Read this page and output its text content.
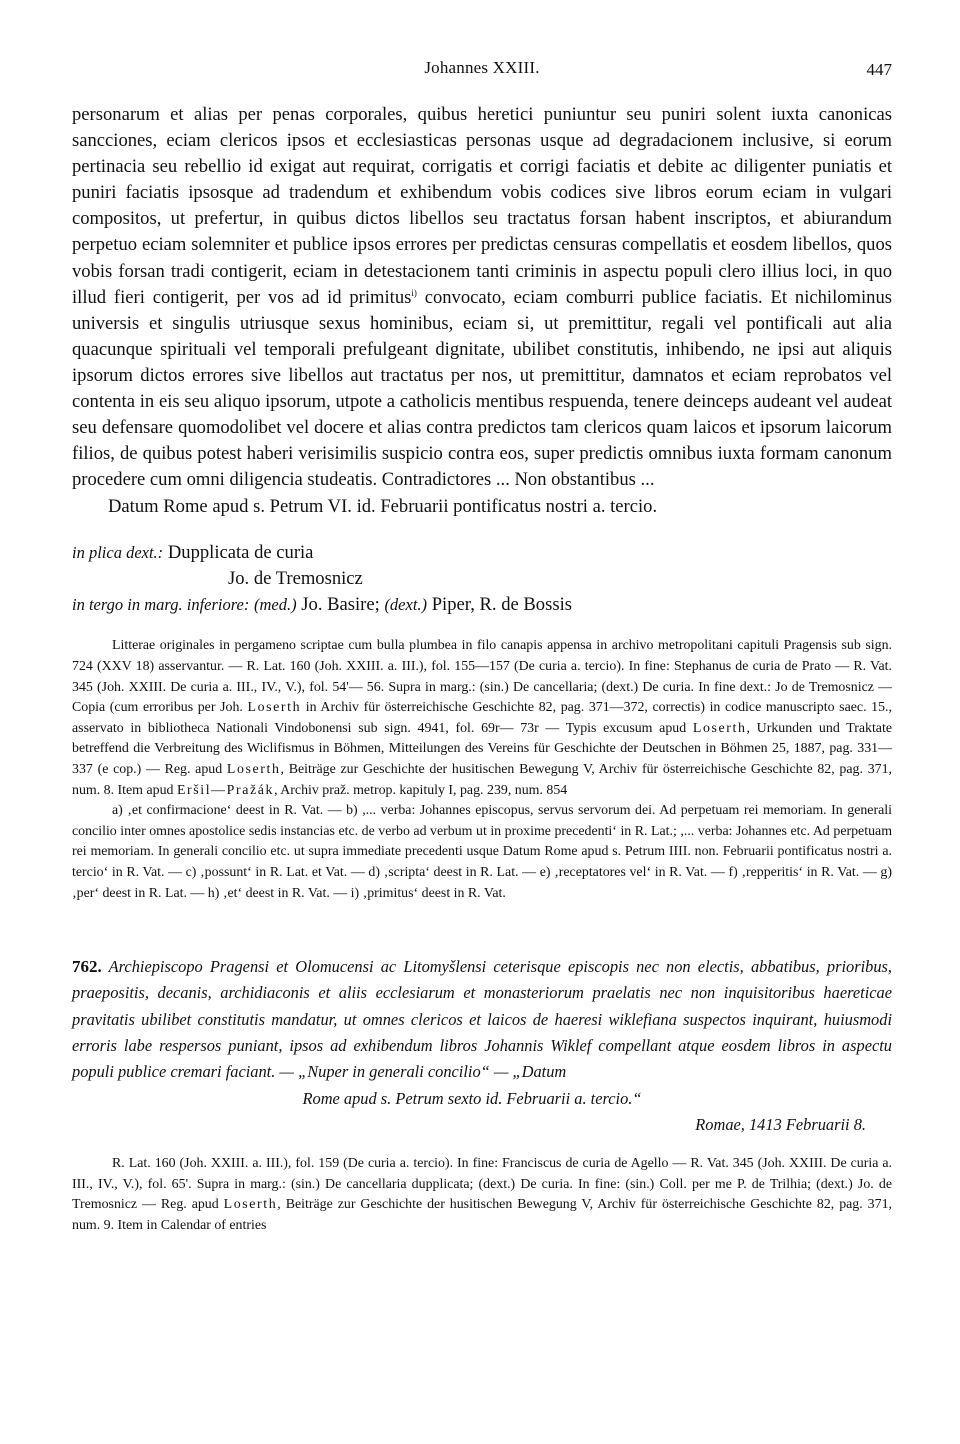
Johannes XXIII.	447

personarum et alias per penas corporales, quibus heretici puniuntur seu puniri solent iuxta canonicas sancciones, eciam clericos ipsos et ecclesiasticas personas usque ad degradacionem inclusive, si eorum pertinacia seu rebellio id exigat aut requirat, corrigatis et corrigi faciatis et debite ac diligenter puniatis et puniri faciatis ipsosque ad tradendum et exhibendum vobis codices sive libros eorum eciam in vulgari compositos, ut prefertur, in quibus dictos libellos seu tractatus forsan habent inscriptos, et abiurandum perpetuo eciam solemniter et publice ipsos errores per predictas censuras compellatis et eosdem libellos, quos vobis forsan tradi contigerit, eciam in detestacionem tanti criminis in aspectu populi clero illius loci, in quo illud fieri contigerit, per vos ad id primitus$^{i)}$ convocato, eciam comburri publice faciatis. Et nichilominus universis et singulis utriusque sexus hominibus, eciam si, ut premittitur, regali vel pontificali aut alia quacunque spirituali vel temporali prefulgeant dignitate, ubilibet constitutis, inhibendo, ne ipsi aut aliquis ipsorum dictos errores sive libellos aut tractatus per nos, ut premittitur, damnatos et eciam reprobatos vel contenta in eis seu aliquo ipsorum, utpote a catholicis mentibus respuenda, tenere deinceps audeant vel audeat seu defensare quomodolibet vel docere et alias contra predictos tam clericos quam laicos et ipsorum laicorum filios, de quibus potest haberi verisimilis suspicio contra eos, super predictis omnibus iuxta formam canonum procedere cum omni diligencia studeatis. Contradictores ... Non obstantibus ...

Datum Rome apud s. Petrum VI. id. Februarii pontificatus nostri a. tercio.
in plica dext.: Dupplicata de curia
Jo. de Tremosnicz
in tergo in marg. inferiore: (med.) Jo. Basire; (dext.) Piper, R. de Bossis

Litterae originales in pergameno scriptae cum bulla plumbea in filo canapis appensa in archivo metropolitani capituli Pragensis sub sign. 724 (XXV 18) asservantur. — R. Lat. 160 (Joh. XXIII. a. III.), fol. 155—157 (De curia a. tercio). In fine: Stephanus de curia de Prato — R. Vat. 345 (Joh. XXIII. De curia a. III., IV., V.), fol. 54'— 56. Supra in marg.: (sin.) De cancellaria; (dext.) De curia. In fine dext.: Jo de Tremosnicz — Copia (cum erroribus per Joh. Loserth in Archiv für österreichische Geschichte 82, pag. 371—372, correctis) in codice manuscripto saec. 15., asservato in bibliotheca Nationali Vindobonensi sub sign. 4941, fol. 69r— 73r — Typis excusum apud Loserth, Urkunden und Traktate betreffend die Verbreitung des Wiclifismus in Böhmen, Mitteilungen des Vereins für Geschichte der Deutschen in Böhmen 25, 1887, pag. 331—337 (e cop.) — Reg. apud Loserth, Beiträge zur Geschichte der husitischen Bewegung V, Archiv für österreichische Geschichte 82, pag. 371, num. 8. Item apud Eršil—Pražák, Archiv praž. metrop. kapituly I, pag. 239, num. 854

a) ‚et confirmacione‘ deest in R. Vat. — b) ,... verba: Johannes episcopus, servus servorum dei. Ad perpetuam rei memoriam. In generali concilio inter omnes apostolice sedis instancias etc. de verbo ad verbum ut in proxime precedenti‘ in R. Lat.; ,... verba: Johannes etc. Ad perpetuam rei memoriam. In generali concilio etc. ut supra immediate precedenti usque Datum Rome apud s. Petrum IIII. non. Februarii pontificatus nostri a. tercio‘ in R. Vat. — c) ‚possunt‘ in R. Lat. et Vat. — d) ‚scripta‘ deest in R. Lat. — e) ‚receptatores vel‘ in R. Vat. — f) ‚repperitis‘ in R. Vat. — g) ‚per‘ deest in R. Lat. — h) ‚et‘ deest in R. Vat. — i) ‚primitus‘ deest in R. Vat.

762. Archiepiscopo Pragensi et Olomucensi ac Litomyšlensi ceterisque episcopis nec non electis, abbatibus, prioribus, praepositis, decanis, archidiaconis et aliis ecclesiarum et monasteriorum praelatis nec non inquisitoribus haereticae pravitatis ubilibet constitutis mandatur, ut omnes clericos et laicos de haeresi wiklefiana suspectos inquirant, huiusmodi erroris labe respersos puniant, ipsos ad exhibendum libros Johannis Wiklef compellant atque eosdem libros in aspectu populi publice cremari faciant. — „Nuper in generali concilio“ — „Datum
Rome apud s. Petrum sexto id. Februarii a. tercio.“
Romae, 1413 Februarii 8.

R. Lat. 160 (Joh. XXIII. a. III.), fol. 159 (De curia a. tercio). In fine: Franciscus de curia de Agello — R. Vat. 345 (Joh. XXIII. De curia a. III., IV., V.), fol. 65'. Supra in marg.: (sin.) De cancellaria dupplicata; (dext.) De curia. In fine: (sin.) Coll. per me P. de Trilhia; (dext.) Jo. de Tremosnicz — Reg. apud Loserth, Beiträge zur Geschichte der husitischen Bewegung V, Archiv für österreichische Geschichte 82, pag. 371, num. 9. Item in Calendar of entries
